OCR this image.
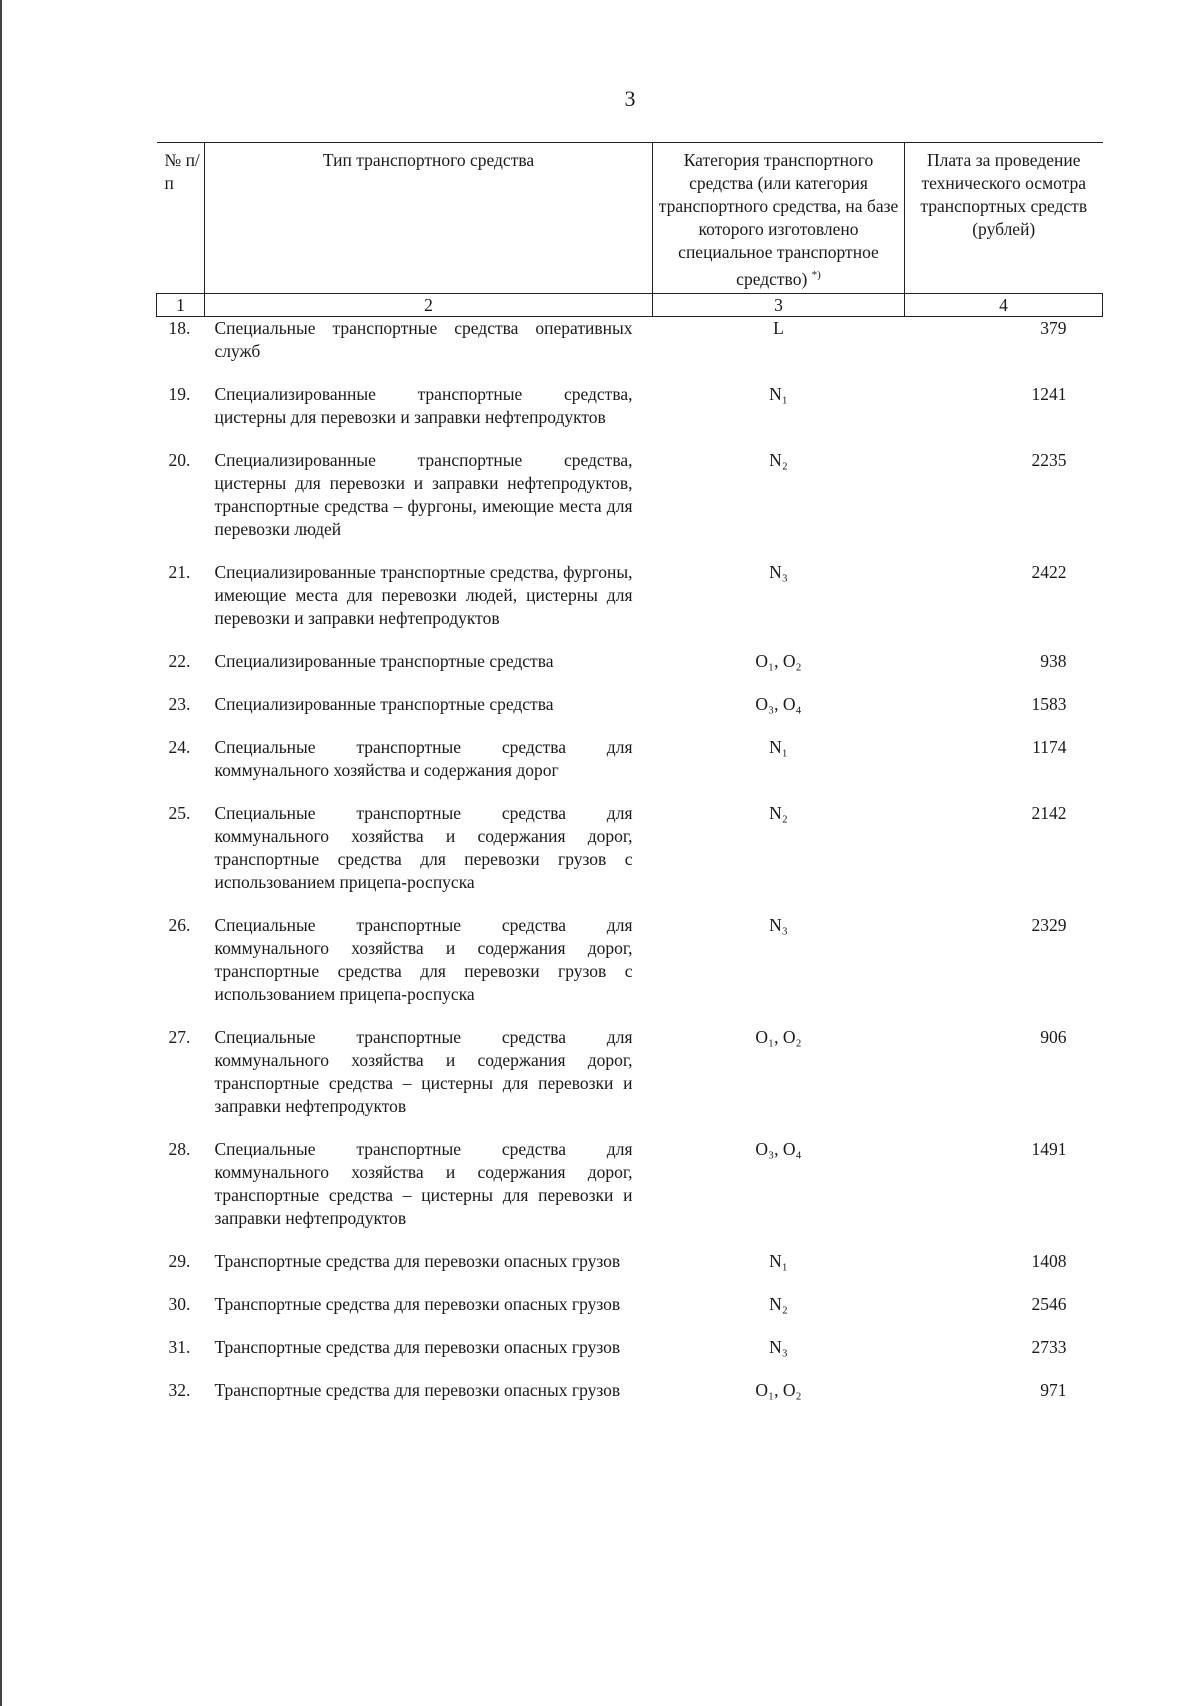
3
№ п/п	Тип транспортного средства	Категория транспортного средства (или категория транспортного средства, на базе которого изготовлено специальное транспортное средство) *)	Плата за проведение технического осмотра транспортных средств (рублей)
1	2	3	4
18.	Специальные транспортные средства оперативных служб	L	379

19.	Специализированные транспортные средства, цистерны для перевозки и заправки нефтепродуктов	N₁	1241

20.	Специализированные транспортные средства, цистерны для перевозки и заправки нефтепродуктов, транспортные средства – фургоны, имеющие места для перевозки людей	N₂	2235

21.	Специализированные транспортные средства, фургоны, имеющие места для перевозки людей, цистерны для перевозки и заправки нефтепродуктов	N₃	2422

22.	Специализированные транспортные средства	O₁, O₂	938

23.	Специализированные транспортные средства	O₃, O₄	1583

24.	Специальные транспортные средства для коммунального хозяйства и содержания дорог	N₁	1174

25.	Специальные транспортные средства для коммунального хозяйства и содержания дорог, транспортные средства для перевозки грузов с использованием прицепа-роспуска	N₂	2142

26.	Специальные транспортные средства для коммунального хозяйства и содержания дорог, транспортные средства для перевозки грузов с использованием прицепа-роспуска	N₃	2329

27.	Специальные транспортные средства для коммунального хозяйства и содержания дорог, транспортные средства – цистерны для перевозки и заправки нефтепродуктов	O₁, O₂	906

28.	Специальные транспортные средства для коммунального хозяйства и содержания дорог, транспортные средства – цистерны для перевозки и заправки нефтепродуктов	O₃, O₄	1491

29.	Транспортные средства для перевозки опасных грузов	N₁	1408

30.	Транспортные средства для перевозки опасных грузов	N₂	2546

31.	Транспортные средства для перевозки опасных грузов	N₃	2733

32.	Транспортные средства для перевозки опасных грузов	O₁, O₂	971
